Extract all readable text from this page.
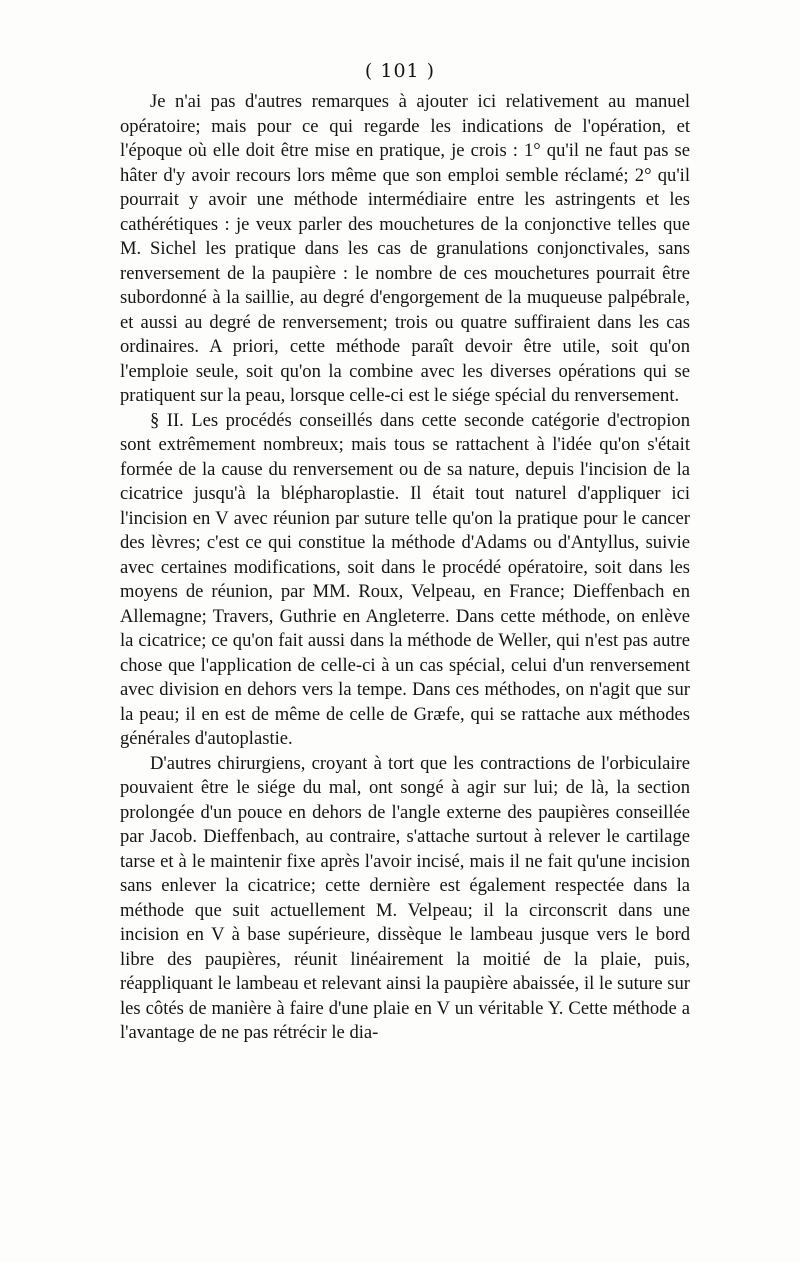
( 101 )

Je n'ai pas d'autres remarques à ajouter ici relativement au manuel opératoire; mais pour ce qui regarde les indications de l'opération, et l'époque où elle doit être mise en pratique, je crois : 1° qu'il ne faut pas se hâter d'y avoir recours lors même que son emploi semble réclamé; 2° qu'il pourrait y avoir une méthode intermédiaire entre les astringents et les cathérétiques : je veux parler des mouchetures de la conjonctive telles que M. Sichel les pratique dans les cas de granulations conjonctivales, sans renversement de la paupière : le nombre de ces mouchetures pourrait être subordonné à la saillie, au degré d'engorgement de la muqueuse palpébrale, et aussi au degré de renversement; trois ou quatre suffiraient dans les cas ordinaires. A priori, cette méthode paraît devoir être utile, soit qu'on l'emploie seule, soit qu'on la combine avec les diverses opérations qui se pratiquent sur la peau, lorsque celle-ci est le siége spécial du renversement.

§ II. Les procédés conseillés dans cette seconde catégorie d'ectropion sont extrêmement nombreux; mais tous se rattachent à l'idée qu'on s'était formée de la cause du renversement ou de sa nature, depuis l'incision de la cicatrice jusqu'à la blépharoplastie. Il était tout naturel d'appliquer ici l'incision en V avec réunion par suture telle qu'on la pratique pour le cancer des lèvres; c'est ce qui constitue la méthode d'Adams ou d'Antyllus, suivie avec certaines modifications, soit dans le procédé opératoire, soit dans les moyens de réunion, par MM. Roux, Velpeau, en France; Dieffenbach en Allemagne; Travers, Guthrie en Angleterre. Dans cette méthode, on enlève la cicatrice; ce qu'on fait aussi dans la méthode de Weller, qui n'est pas autre chose que l'application de celle-ci à un cas spécial, celui d'un renversement avec division en dehors vers la tempe. Dans ces méthodes, on n'agit que sur la peau; il en est de même de celle de Græfe, qui se rattache aux méthodes générales d'autoplastie.

D'autres chirurgiens, croyant à tort que les contractions de l'orbiculaire pouvaient être le siége du mal, ont songé à agir sur lui; de là, la section prolongée d'un pouce en dehors de l'angle externe des paupières conseillée par Jacob. Dieffenbach, au contraire, s'attache surtout à relever le cartilage tarse et à le maintenir fixe après l'avoir incisé, mais il ne fait qu'une incision sans enlever la cicatrice; cette dernière est également respectée dans la méthode que suit actuellement M. Velpeau; il la circonscrit dans une incision en V à base supérieure, dissèque le lambeau jusque vers le bord libre des paupières, réunit linéairement la moitié de la plaie, puis, réappliquant le lambeau et relevant ainsi la paupière abaissée, il le suture sur les côtés de manière à faire d'une plaie en V un véritable Y. Cette méthode a l'avantage de ne pas rétrécir le dia-
